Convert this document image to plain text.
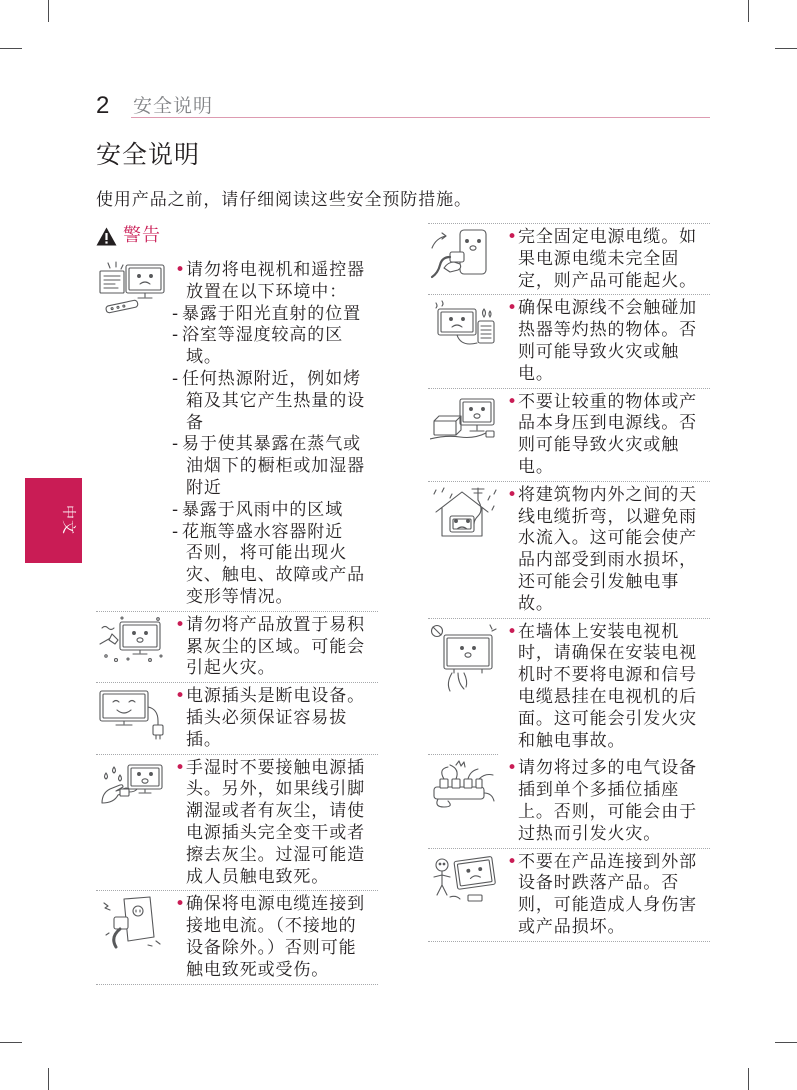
2 安全说明
安全说明
使用产品之前，请仔细阅读这些安全预防措施。
警告
中文
• 请勿将电视机和遥控器
放置在以下环境中：
- 暴露于阳光直射的位置
- 浴室等湿度较高的区
域。
- 任何热源附近，例如烤
箱及其它产生热量的设
备
- 易于使其暴露在蒸气或
油烟下的橱柜或加湿器
附近
- 暴露于风雨中的区域
- 花瓶等盛水容器附近
否则，将可能出现火
灾、触电、故障或产品
变形等情况。
• 请勿将产品放置于易积
累灰尘的区域。可能会
引起火灾。
• 电源插头是断电设备。
插头必须保证容易拔
插。
• 手湿时不要接触电源插
头。另外，如果线引脚
潮湿或者有灰尘，请使
电源插头完全变干或者
擦去灰尘。过湿可能造
成人员触电致死。
• 确保将电源电缆连接到
接地电流。（不接地的
设备除外。）否则可能
触电致死或受伤。
• 完全固定电源电缆。如
果电源电缆未完全固
定，则产品可能起火。
• 确保电源线不会触碰加
热器等灼热的物体。否
则可能导致火灾或触
电。
• 不要让较重的物体或产
品本身压到电源线。否
则可能导致火灾或触
电。
• 将建筑物内外之间的天
线电缆折弯，以避免雨
水流入。这可能会使产
品内部受到雨水损坏，
还可能会引发触电事
故。
• 在墙体上安装电视机
时，请确保在安装电视
机时不要将电源和信号
电缆悬挂在电视机的后
面。这可能会引发火灾
和触电事故。
• 请勿将过多的电气设备
插到单个多插位插座
上。否则，可能会由于
过热而引发火灾。
• 不要在产品连接到外部
设备时跌落产品。否
则，可能造成人身伤害
或产品损坏。
